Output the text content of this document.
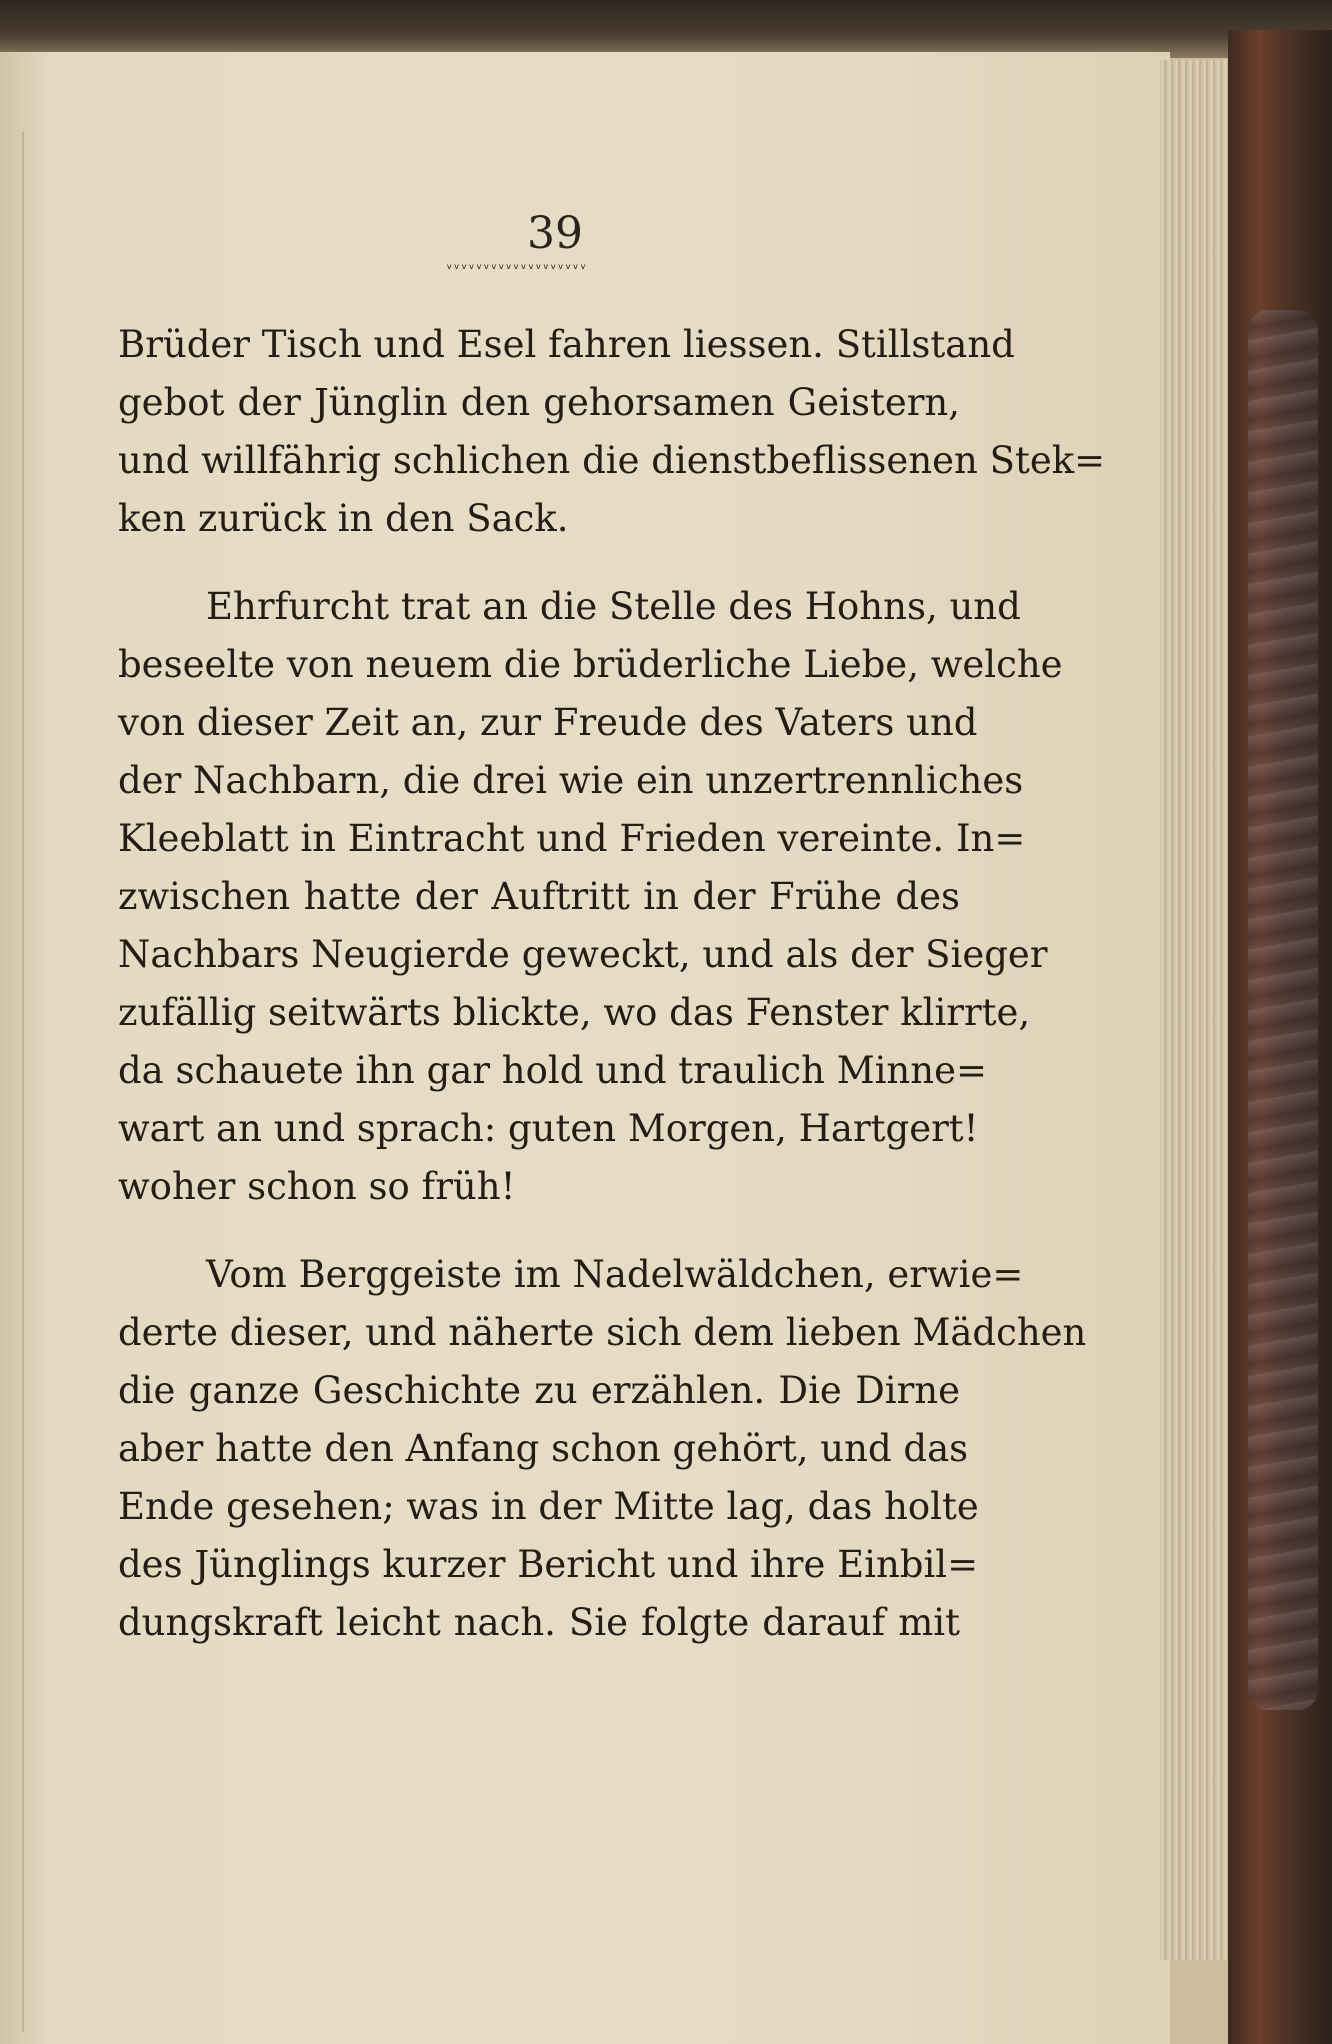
39
ᵥᵥᵥᵥᵥᵥᵥᵥᵥᵥᵥᵥᵥᵥᵥᵥᵥᵥᵥ
Brüder Tisch und Esel fahren liessen. Stillstand
gebot der Jünglin den gehorsamen Geistern,
und willfährig schlichen die dienstbeflissenen Stek=
ken zurück in den Sack.
Ehrfurcht trat an die Stelle des Hohns, und
beseelte von neuem die brüderliche Liebe, welche
von dieser Zeit an, zur Freude des Vaters und
der Nachbarn, die drei wie ein unzertrennliches
Kleeblatt in Eintracht und Frieden vereinte. In=
zwischen hatte der Auftritt in der Frühe des
Nachbars Neugierde geweckt, und als der Sieger
zufällig seitwärts blickte, wo das Fenster klirrte,
da schauete ihn gar hold und traulich Minne=
wart an und sprach: guten Morgen, Hartgert!
woher schon so früh!
Vom Berggeiste im Nadelwäldchen, erwie=
derte dieser, und näherte sich dem lieben Mädchen
die ganze Geschichte zu erzählen. Die Dirne
aber hatte den Anfang schon gehört, und das
Ende gesehen; was in der Mitte lag, das holte
des Jünglings kurzer Bericht und ihre Einbil=
dungskraft leicht nach. Sie folgte darauf mit
